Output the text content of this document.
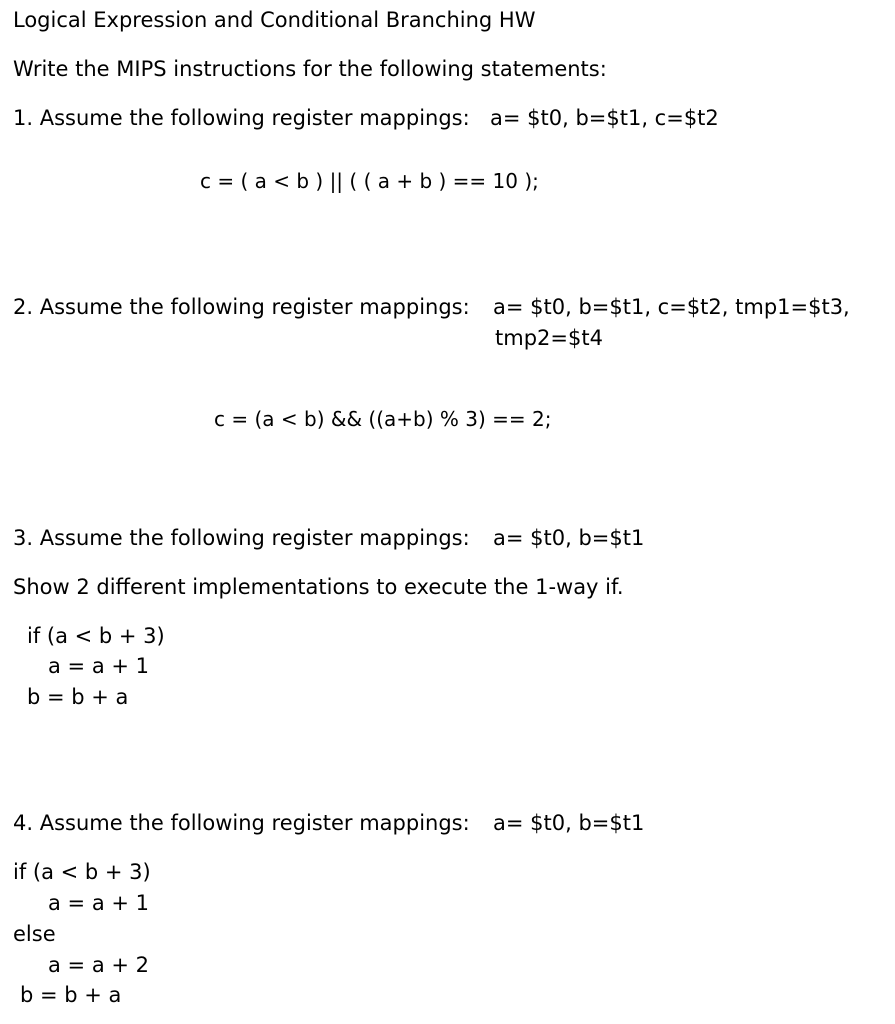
Logical Expression and Conditional Branching HW

Write the MIPS instructions for the following statements:

1. Assume the following register mappings: a= $t0, b=$t1, c=$t2

c = ( a < b ) || ( ( a + b ) == 10 );

2. Assume the following register mappings: a= $t0, b=$t1, c=$t2, tmp1=$t3,

tmp2=$t4

c = (a < b) && ((a+b) % 3) == 2;

3. Assume the following register mappings: a= $t0, b=$t1

Show 2 different implementations to execute the 1-way if.

if (a < b + 3)

a = a + 1

b = b + a

4. Assume the following register mappings: a= $t0, b=$t1

if (a < b + 3)

a = a + 1

else

a = a + 2

b = b + a
